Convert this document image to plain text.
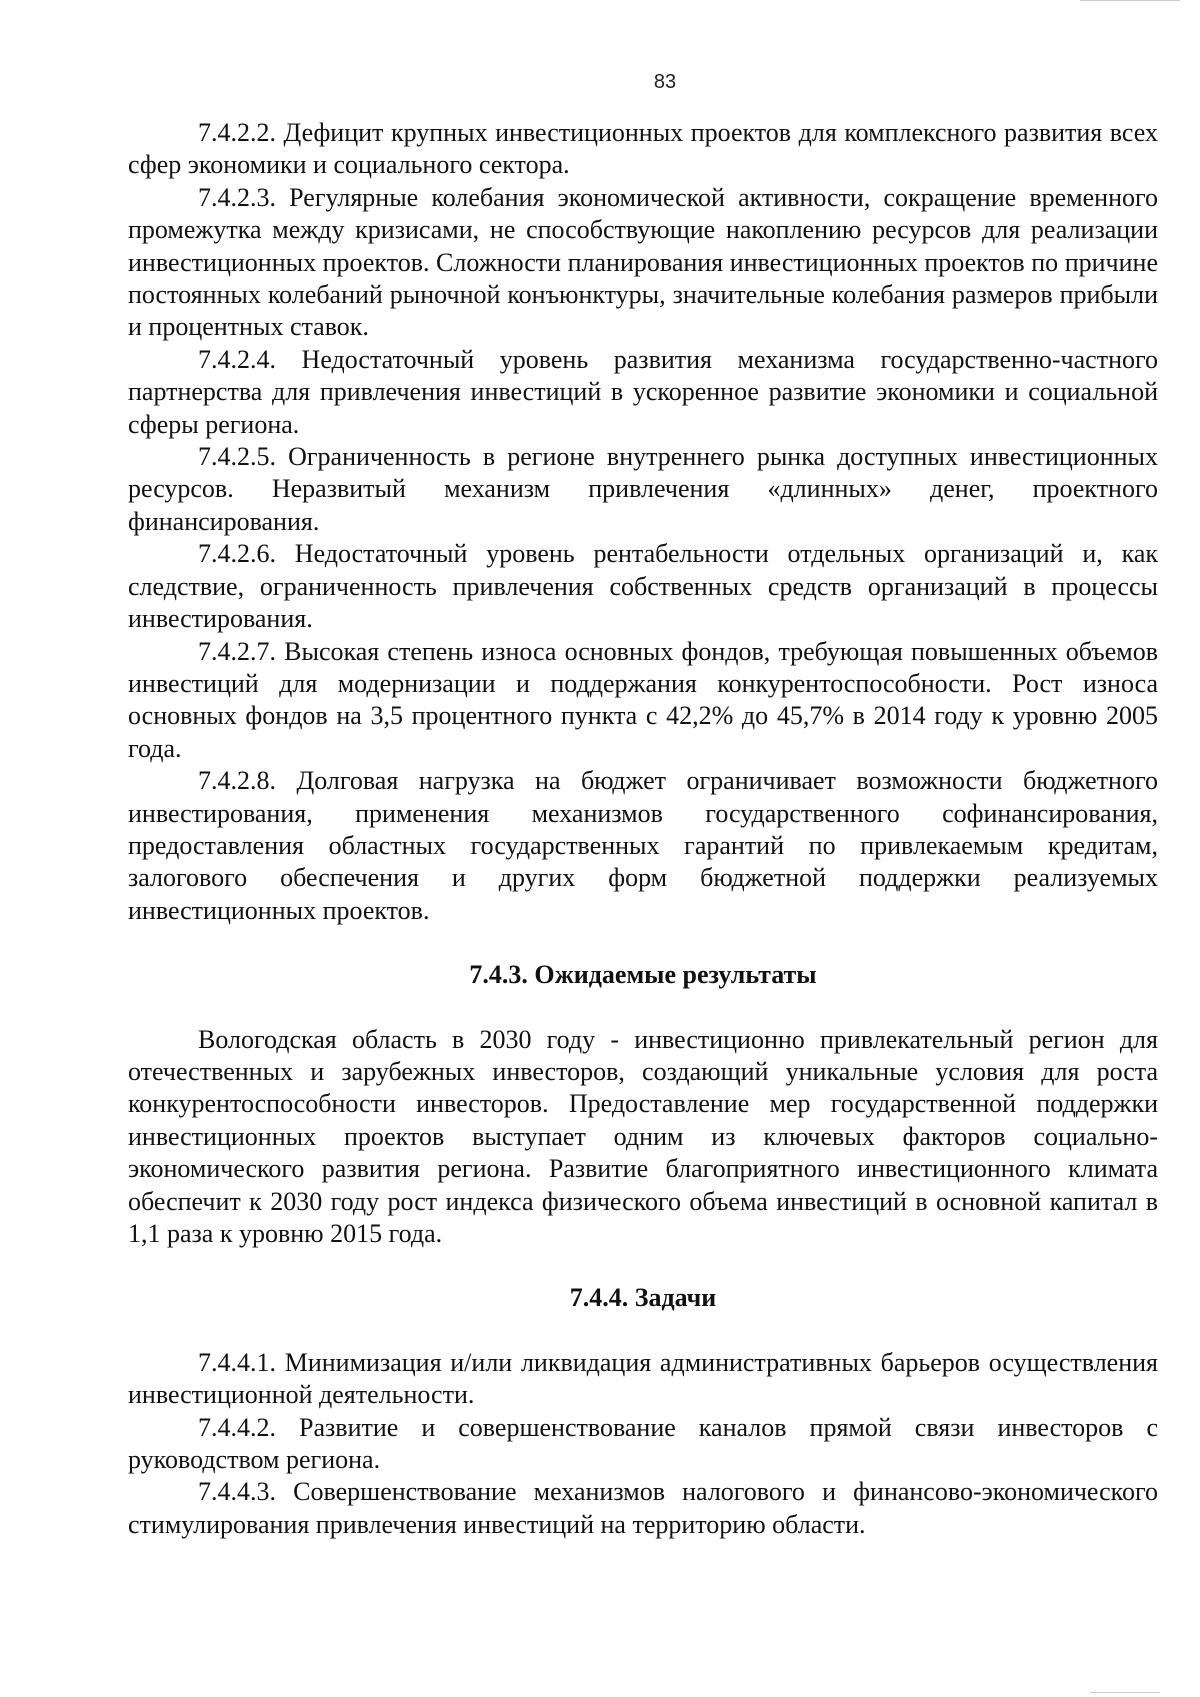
83

7.4.2.2. Дефицит крупных инвестиционных проектов для комплексного развития всех сфер экономики и социального сектора.

7.4.2.3. Регулярные колебания экономической активности, сокращение временного промежутка между кризисами, не способствующие накоплению ресурсов для реализации инвестиционных проектов. Сложности планирования инвестиционных проектов по причине постоянных колебаний рыночной конъюнктуры, значительные колебания размеров прибыли и процентных ставок.

7.4.2.4. Недостаточный уровень развития механизма государственно-частного партнерства для привлечения инвестиций в ускоренное развитие экономики и социальной сферы региона.

7.4.2.5. Ограниченность в регионе внутреннего рынка доступных инвестиционных ресурсов. Неразвитый механизм привлечения «длинных» денег, проектного финансирования.

7.4.2.6. Недостаточный уровень рентабельности отдельных организаций и, как следствие, ограниченность привлечения собственных средств организаций в процессы инвестирования.

7.4.2.7. Высокая степень износа основных фондов, требующая повышенных объемов инвестиций для модернизации и поддержания конкурентоспособности. Рост износа основных фондов на 3,5 процентного пункта с 42,2% до 45,7% в 2014 году к уровню 2005 года.

7.4.2.8. Долговая нагрузка на бюджет ограничивает возможности бюджетного инвестирования, применения механизмов государственного софинансирования, предоставления областных государственных гарантий по привлекаемым кредитам, залогового обеспечения и других форм бюджетной поддержки реализуемых инвестиционных проектов.

7.4.3. Ожидаемые результаты

Вологодская область в 2030 году - инвестиционно привлекательный регион для отечественных и зарубежных инвесторов, создающий уникальные условия для роста конкурентоспособности инвесторов. Предоставление мер государственной поддержки инвестиционных проектов выступает одним из ключевых факторов социально-экономического развития региона. Развитие благоприятного инвестиционного климата обеспечит к 2030 году рост индекса физического объема инвестиций в основной капитал в 1,1 раза к уровню 2015 года.

7.4.4. Задачи

7.4.4.1. Минимизация и/или ликвидация административных барьеров осуществления инвестиционной деятельности.

7.4.4.2. Развитие и совершенствование каналов прямой связи инвесторов с руководством региона.

7.4.4.3. Совершенствование механизмов налогового и финансово-экономического стимулирования привлечения инвестиций на территорию области.
